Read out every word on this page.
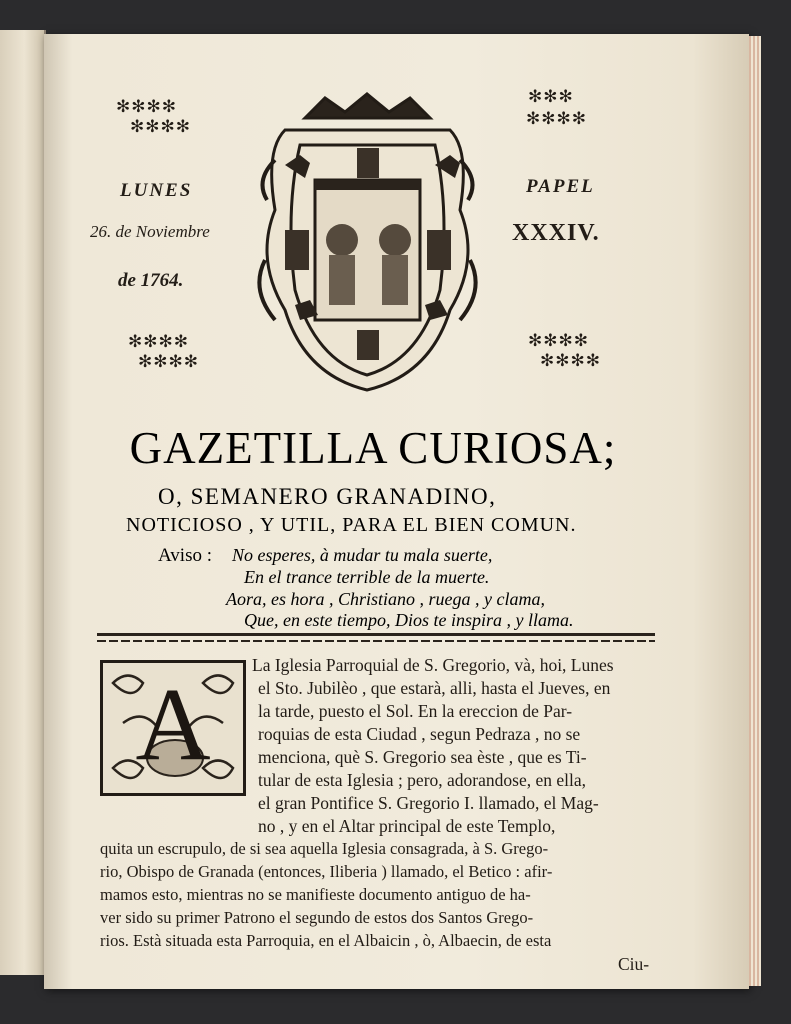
✻✻✻✻
✻✻✻✻
✻✻✻
✻✻✻✻
✻✻✻✻
✻✻✻✻
✻✻✻✻
✻✻✻✻
LUNES
26. de Noviembre
de 1764.
PAPEL
XXXIV.
GAZETILLA CURIOSA;
O, SEMANERO GRANADINO,
NOTICIOSO , Y UTIL, PARA EL BIEN COMUN.
Aviso : No esperes, à mudar tu mala suerte,
En el trance terrible de la muerte.
Aora, es hora , Christiano , ruega , y clama,
Que, en este tiempo, Dios te inspira , y llama.
A
La Iglesia Parroquial de S. Gregorio, và, hoi, Lunes
el Sto. Jubilèo , que estarà, alli, hasta el Jueves, en
la tarde, puesto el Sol. En la ereccion de Par-
roquias de esta Ciudad , segun Pedraza , no se
menciona, què S. Gregorio sea èste , que es Ti-
tular de esta Iglesia ; pero, adorandose, en ella,
el gran Pontifice S. Gregorio I. llamado, el Mag-
no , y en el Altar principal de este Templo,
quita un escrupulo, de si sea aquella Iglesia consagrada, à S. Grego-
rio, Obispo de Granada (entonces, Iliberia ) llamado, el Betico : afir-
mamos esto, mientras no se manifieste documento antiguo de ha-
ver sido su primer Patrono el segundo de estos dos Santos Grego-
rios. Està situada esta Parroquia, en el Albaicin , ò, Albaecin, de esta
Ciu-
